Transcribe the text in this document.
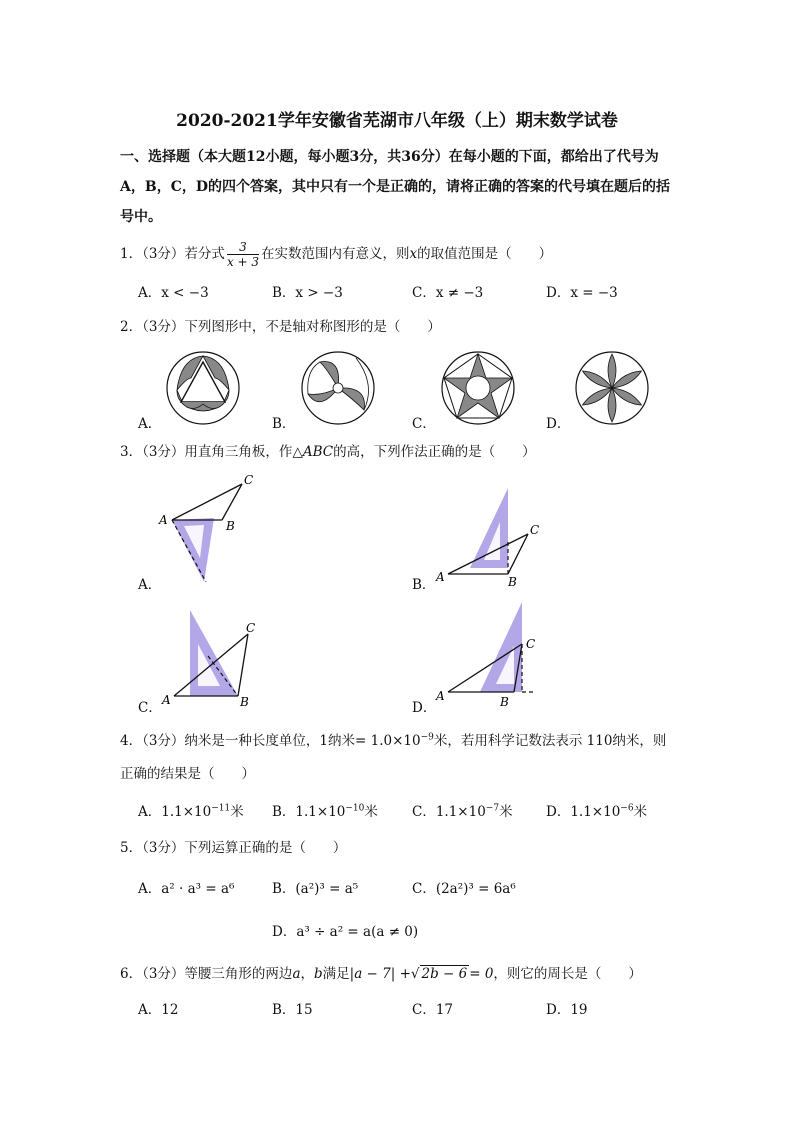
2020-2021学年安徽省芜湖市八年级（上）期末数学试卷
一、选择题（本大题12小题，每小题3分，共36分）在每小题的下面，都给出了代号为
A，B，C，D的四个答案，其中只有一个是正确的，请将正确的答案的代号填在题后的括
号中。
1．（3分）若分式 $\frac{3}{x + 3}$ 在实数范围内有意义，则x的取值范围是（　　）
A．x < −3	B．x > −3	C．x ≠ −3	D．x = −3
2．（3分）下列图形中，不是轴对称图形的是（　　）
A．	B．	C．	D．
3．（3分）用直角三角板，作△ABC的高，下列作法正确的是（　　）
A．
A	B
C
B． A	B
C
C． A	B
C
D．
A	B
C
4．（3分）纳米是一种长度单位，1纳米= $1.0\times 10^{-9}$米，若用科学记数法表示 110纳米，则
正确的结果是（　　）
A．$1.1\times 10^{-11}$米 B．$1.1\times 10^{-10}$米	C．$1.1\times 10^{-7}$米 D．$1.1\times 10^{-6}$米
5．（3分）下列运算正确的是（　　）
A．a² · a³ = a⁶	B．(a²)³ = a⁵	C．(2a²)³ = 6a⁶
D．a³ ÷ a² = a(a ≠ 0)
6．（3分）等腰三角形的两边a，b满足|a − 7| +√ 2b − 6 = 0，则它的周长是（　　）
A．12	B．15	C．17	D．19
